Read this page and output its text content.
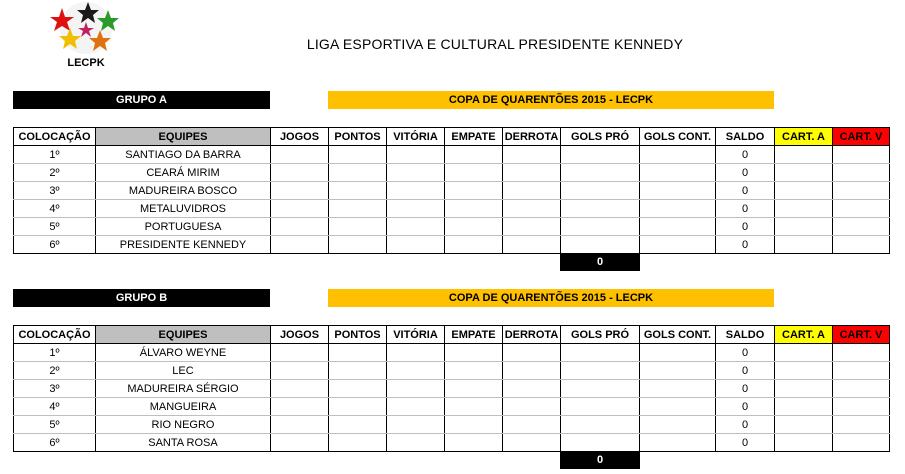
LECPK
LIGA ESPORTIVA E CULTURAL PRESIDENTE KENNEDY
GRUPO A	COPA DE QUARENTÕES 2015 - LECPK
COLOCAÇÃO	EQUIPES	JOGOS	PONTOS	VITÓRIA	EMPATE	DERROTA	GOLS PRÓ	GOLS CONT.	SALDO	CART. A	CART. V
1º	SANTIAGO DA BARRA								0		
2º	CEARÁ MIRIM								0		
3º	MADUREIRA BOSCO								0		
4º	METALUVIDROS								0		
5º	PORTUGUESA								0		
6º	PRESIDENTE KENNEDY								0		
0
GRUPO B	COPA DE QUARENTÕES 2015 - LECPK
COLOCAÇÃO	EQUIPES	JOGOS	PONTOS	VITÓRIA	EMPATE	DERROTA	GOLS PRÓ	GOLS CONT.	SALDO	CART. A	CART. V
1º	ÁLVARO WEYNE								0		
2º	LEC								0		
3º	MADUREIRA SÉRGIO								0		
4º	MANGUEIRA								0		
5º	RIO NEGRO								0		
6º	SANTA ROSA								0		
0
